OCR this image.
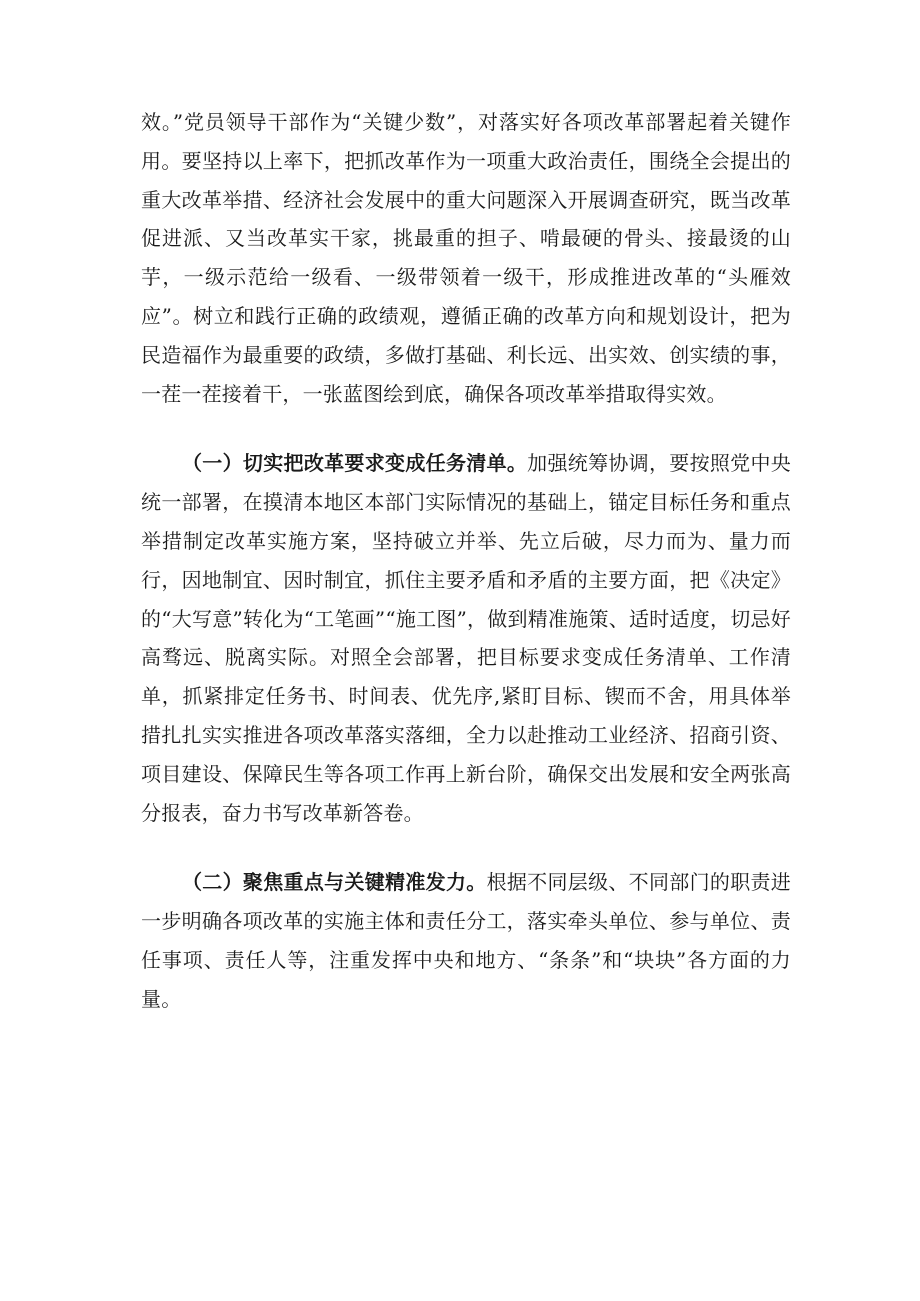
效。”党员领导干部作为“关键少数”，对落实好各项改革部署起着关键作用。要坚持以上率下，把抓改革作为一项重大政治责任，围绕全会提出的重大改革举措、经济社会发展中的重大问题深入开展调查研究，既当改革促进派、又当改革实干家，挑最重的担子、啃最硬的骨头、接最烫的山芋，一级示范给一级看、一级带领着一级干，形成推进改革的“头雁效应”。树立和践行正确的政绩观，遵循正确的改革方向和规划设计，把为民造福作为最重要的政绩，多做打基础、利长远、出实效、创实绩的事，一茬一茬接着干，一张蓝图绘到底，确保各项改革举措取得实效。

（一）切实把改革要求变成任务清单。加强统筹协调，要按照党中央统一部署，在摸清本地区本部门实际情况的基础上，锚定目标任务和重点举措制定改革实施方案，坚持破立并举、先立后破，尽力而为、量力而行，因地制宜、因时制宜，抓住主要矛盾和矛盾的主要方面，把《决定》的“大写意”转化为“工笔画”“施工图”，做到精准施策、适时适度，切忌好高骛远、脱离实际。对照全会部署，把目标要求变成任务清单、工作清单，抓紧排定任务书、时间表、优先序,紧盯目标、锲而不舍，用具体举措扎扎实实推进各项改革落实落细，全力以赴推动工业经济、招商引资、项目建设、保障民生等各项工作再上新台阶，确保交出发展和安全两张高分报表，奋力书写改革新答卷。

（二）聚焦重点与关键精准发力。根据不同层级、不同部门的职责进一步明确各项改革的实施主体和责任分工，落实牵头单位、参与单位、责任事项、责任人等，注重发挥中央和地方、“条条”和“块块”各方面的力量。
